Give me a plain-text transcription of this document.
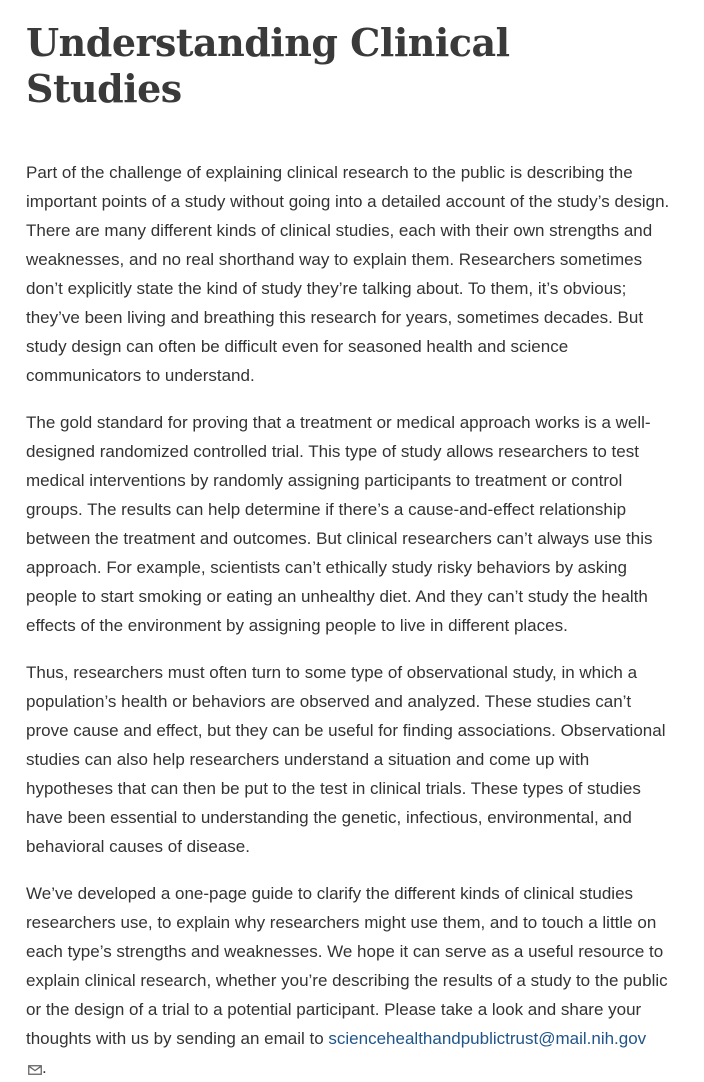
Understanding Clinical Studies

Part of the challenge of explaining clinical research to the public is describing the important points of a study without going into a detailed account of the study’s design. There are many different kinds of clinical studies, each with their own strengths and weaknesses, and no real shorthand way to explain them. Researchers sometimes don’t explicitly state the kind of study they’re talking about. To them, it’s obvious; they’ve been living and breathing this research for years, sometimes decades. But study design can often be difficult even for seasoned health and science communicators to understand.

The gold standard for proving that a treatment or medical approach works is a well-designed randomized controlled trial. This type of study allows researchers to test medical interventions by randomly assigning participants to treatment or control groups. The results can help determine if there’s a cause-and-effect relationship between the treatment and outcomes. But clinical researchers can’t always use this approach. For example, scientists can’t ethically study risky behaviors by asking people to start smoking or eating an unhealthy diet. And they can’t study the health effects of the environment by assigning people to live in different places.

Thus, researchers must often turn to some type of observational study, in which a population’s health or behaviors are observed and analyzed. These studies can’t prove cause and effect, but they can be useful for finding associations. Observational studies can also help researchers understand a situation and come up with hypotheses that can then be put to the test in clinical trials. These types of studies have been essential to understanding the genetic, infectious, environmental, and behavioral causes of disease.

We’ve developed a one-page guide to clarify the different kinds of clinical studies researchers use, to explain why researchers might use them, and to touch a little on each type’s strengths and weaknesses. We hope it can serve as a useful resource to explain clinical research, whether you’re describing the results of a study to the public or the design of a trial to a potential participant. Please take a look and share your thoughts with us by sending an email to sciencehealthandpublictrust@mail.nih.gov
.
